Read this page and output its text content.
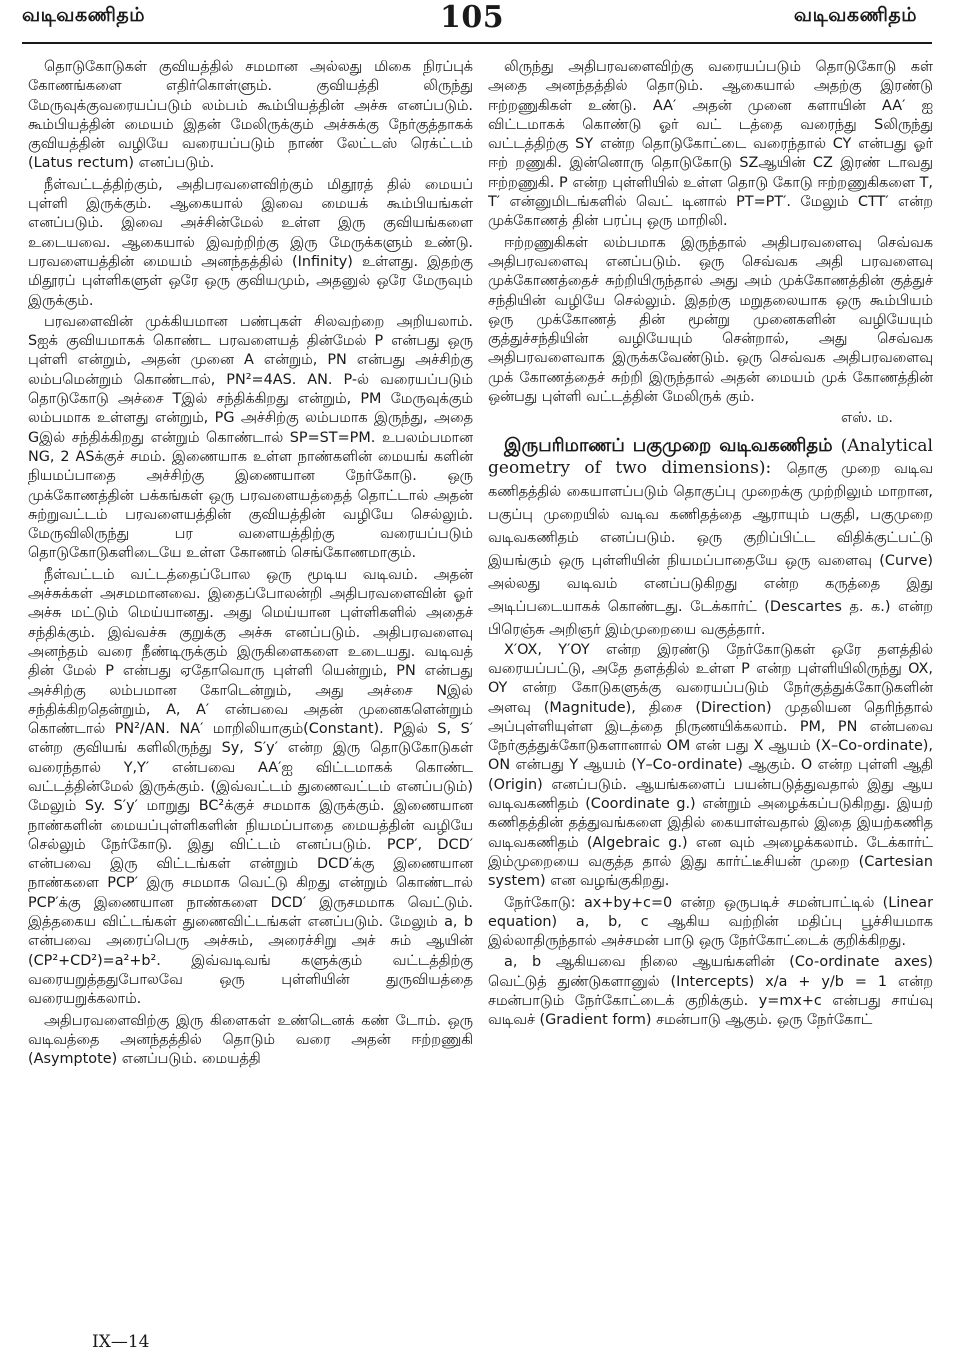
வடிவகணிதம்	105	வடிவகணிதம்

தொடுகோடுகள் குவியத்தில் சமமான அல்லது மிகை நிரப்புக் கோணங்களை எதிர்கொள்ளும். குவியத்தி லிருந்து மேருவுக்குவரையப்படும் லம்பம் கூம்பியத்தின் அச்சு எனப்படும். கூம்பியத்தின் மையம் இதன் மேலிருக்கும் அச்சுக்கு நேர்குத்தாகக் குவியத்தின் வழியே வரையப்படும் நாண் லேட்டஸ் ரெக்ட்டம் (Latus rectum) எனப்படும்.

நீள்வட்டத்திற்கும், அதிபரவளைவிற்கும் மிதூரத் தில் மையப் புள்ளி இருக்கும். ஆகையால் இவை மையக் கூம்பியங்கள் எனப்படும். இவை அச்சின்மேல் உள்ள இரு குவியங்களை உடையவை. ஆகையால் இவற்றிற்கு இரு மேருக்களும் உண்டு. பரவளையத்தின் மையம் அனந்தத்தில் (Infinity) உள்ளது. இதற்கு மிதூரப் புள்ளிகளுள் ஒரே ஒரு குவியமும், அதனுல் ஒரே மேருவும் இருக்கும்.

பரவளைவின் முக்கியமான பண்புகள் சிலவற்றை அறியலாம். Sஐக் குவியமாகக் கொண்ட பரவளையத் தின்மேல் P என்பது ஒரு புள்ளி என்றும், அதன் முனை A என்றும், PN என்பது அச்சிற்கு லம்பமென்றும் கொண்டால், PN²=4AS. AN. P-ல் வரையப்படும் தொடுகோடு அச்சை Tஇல் சந்திக்கிறது என்றும், PM மேருவுக்கும் லம்பமாக உள்ளது என்றும், PG அச்சிற்கு லம்பமாக இருந்து, அதை Gஇல் சந்திக்கிறது என்றும் கொண்டால் SP=ST=PM. உபலம்பமான NG, 2 ASக்குச் சமம். இணையாக உள்ள நாண்களின் மையங் களின் நியமப்பாதை அச்சிற்கு இணையான நேர்கோடு. ஒரு முக்கோணத்தின் பக்கங்கள் ஒரு பரவளையத்தைத் தொட்டால் அதன் சுற்றுவட்டம் பரவளையத்தின் குவியத்தின் வழியே செல்லும். மேருவிலிருந்து பர வளையத்திற்கு வரையப்படும் தொடுகோடுகளிடையே உள்ள கோணம் செங்கோணமாகும்.

நீள்வட்டம் வட்டத்தைப்போல ஒரு மூடிய வடிவம். அதன் அச்சுக்கள் அசமமானவை. இதைப்போலன்றி அதிபரவளைவின் ஓர் அச்சு மட்டும் மெய்யானது. அது மெய்யான புள்ளிகளில் அதைச் சந்திக்கும். இவ்வச்சு குறுக்கு அச்சு எனப்படும். அதிபரவளைவு அனந்தம் வரை நீண்டிருக்கும் இருகிளைகளை உடையது. வடிவத் தின் மேல் P என்பது ஏதோவொரு புள்ளி யென்றும், PN என்பது அச்சிற்கு லம்பமான கோடென்றும், அது அச்சை Nஇல் சந்திக்கிறதென்றும், A, A′ என்பவை அதன் முனைகளென்றும் கொண்டால் PN²/AN. NA′ மாறிலியாகும்(Constant). Pஇல் S, S′ என்ற குவியங் களிலிருந்து Sy, S′y′ என்ற இரு தொடுகோடுகள் வரைந்தால் Y,Y′ என்பவை AA′ஐ விட்டமாகக் கொண்ட வட்டத்தின்மேல் இருக்கும். (இவ்வட்டம் துணைவட்டம் எனப்படும்) மேலும் Sy. S′y′ மாறுது BC²க்குச் சமமாக இருக்கும். இணையான நாண்களின் மையப்புள்ளிகளின் நியமப்பாதை மையத்தின் வழியே செல்லும் நேர்கோடு. இது விட்டம் எனப்படும். PCP′, DCD′ என்பவை இரு விட்டங்கள் என்றும் DCD′க்கு இணையான நாண்களை PCP′ இரு சமமாக வெட்டு கிறது என்றும் கொண்டால் PCP′க்கு இணையான நாண்களை DCD′ இருசமமாக வெட்டும். இத்தகைய விட்டங்கள் துணைவிட்டங்கள் எனப்படும். மேலும் a, b என்பவை அரைப்பெரு அச்சும், அரைச்சிறு அச் சும் ஆயின் (CP²+CD²)=a²+b². இவ்வடிவங் களுக்கும் வட்டத்திற்கு வரையறுத்ததுபோலவே ஒரு புள்ளியின் துருவியத்தை வரையறுக்கலாம்.

அதிபரவளைவிற்கு இரு கிளைகள் உண்டெனக் கண் டோம். ஒரு வடிவத்தை அனந்தத்தில் தொடும் வரை அதன் ஈற்றணுகி (Asymptote) எனப்படும். மையத்தி

லிருந்து அதிபரவளைவிற்கு வரையப்படும் தொடுகோடு கள் அதை அனந்தத்தில் தொடும். ஆகையால் அதற்கு இரண்டு ஈற்றணுகிகள் உண்டு. AA′ அதன் முனை களாயின் AA′ ஐ விட்டமாகக் கொண்டு ஓர் வட் டத்தை வரைந்து Sலிருந்து வட்டத்திற்கு SY என்ற தொடுகோட்டை வரைந்தால் CY என்பது ஓர் ஈற் றணுகி. இன்னொரு தொடுகோடு SZஆயின் CZ இரண் டாவது ஈற்றணுகி. P என்ற புள்ளியில் உள்ள தொடு கோடு ஈற்றணுகிகளை T, T′ என்னுமிடங்களில் வெட் டினால் PT=PT′. மேலும் CTT′ என்ற முக்கோணத் தின் பரப்பு ஒரு மாறிலி.

ஈற்றணுகிகள் லம்பமாக இருந்தால் அதிபரவளைவு செவ்வக அதிபரவளைவு எனப்படும். ஒரு செவ்வக அதி பரவளைவு முக்கோணத்தைச் சுற்றியிருந்தால் அது அம் முக்கோணத்தின் குத்துச் சந்தியின் வழியே செல்லும். இதற்கு மறுதலையாக ஒரு கூம்பியம் ஒரு முக்கோணத் தின் மூன்று முனைகளின் வழியேயும் குத்துச்சந்தியின் வழியேயும் சென்றால், அது செவ்வக அதிபரவளைவாக இருக்கவேண்டும். ஒரு செவ்வக அதிபரவளைவு முக் கோணத்தைச் சுற்றி இருந்தால் அதன் மையம் முக் கோணத்தின் ஒன்பது புள்ளி வட்டத்தின் மேலிருக் கும்.

எஸ். ம.

இருபரிமாணப் பகுமுறை வடிவகணிதம் (Analytical geometry of two dimensions): தொகு முறை வடிவ கணிதத்தில் கையாளப்படும் தொகுப்பு முறைக்கு முற்றிலும் மாறான, பகுப்பு முறையில் வடிவ கணிதத்தை ஆராயும் பகுதி, பகுமுறை வடிவகணிதம் எனப்படும். ஒரு குறிப்பிட்ட விதிக்குட்பட்டு இயங்கும் ஒரு புள்ளியின் நியமப்பாதையே ஒரு வளைவு (Curve) அல்லது வடிவம் எனப்படுகிறது என்ற கருத்தை இது அடிப்படையாகக் கொண்டது. டேக்கார்ட் (Descartes த. க.) என்ற பிரெஞ்சு அறிஞர் இம்முறையை வகுத்தார்.

X′OX, Y′OY என்ற இரண்டு நேர்கோடுகள் ஒரே தளத்தில் வரையப்பட்டு, அதே தளத்தில் உள்ள P என்ற புள்ளியிலிருந்து OX, OY என்ற கோடுகளுக்கு வரையப்படும் நேர்குத்துக்கோடுகளின் அளவு (Magnitude), திசை (Direction) முதலியன தெரிந்தால் அப்புள்ளியுள்ள இடத்தை நிருணயிக்கலாம். PM, PN என்பவை நேர்குத்துக்கோடுகளானால் OM என் பது X ஆயம் (X–Co-ordinate), ON என்பது Y ஆயம் (Y–Co-ordinate) ஆகும். O என்ற புள்ளி ஆதி (Origin) எனப்படும். ஆயங்களைப் பயன்படுத்துவதால் இது ஆய வடிவகணிதம் (Coordinate g.) என்றும் அழைக்கப்படுகிறது. இயற் கணிதத்தின் தத்துவங்களை இதில் கையாள்வதால் இதை இயற்கணித வடிவகணிதம் (Algebraic g.) என வும் அழைக்கலாம். டேக்கார்ட் இம்முறையை வகுத்த தால் இது கார்ட்டீசியன் முறை (Cartesian system) என வழங்குகிறது.

நேர்கோடு: ax+by+c=0 என்ற ஒருபடிச் சமன்பாட்டில் (Linear equation) a, b, c ஆகிய வற்றின் மதிப்பு பூச்சியமாக இல்லாதிருந்தால் அச்சமன் பாடு ஒரு நேர்கோட்டைக் குறிக்கிறது.

a, b ஆகியவை நிலை ஆயங்களின் (Co-ordinate axes) வெட்டுத் துண்டுகளானுல் (Intercepts) x/a + y/b = 1 என்ற சமன்பாடும் நேர்கோட்டைக் குறிக்கும். y=mx+c என்பது சாய்வு வடிவச் (Gradient form) சமன்பாடு ஆகும். ஒரு நேர்கோட்

IX—14
